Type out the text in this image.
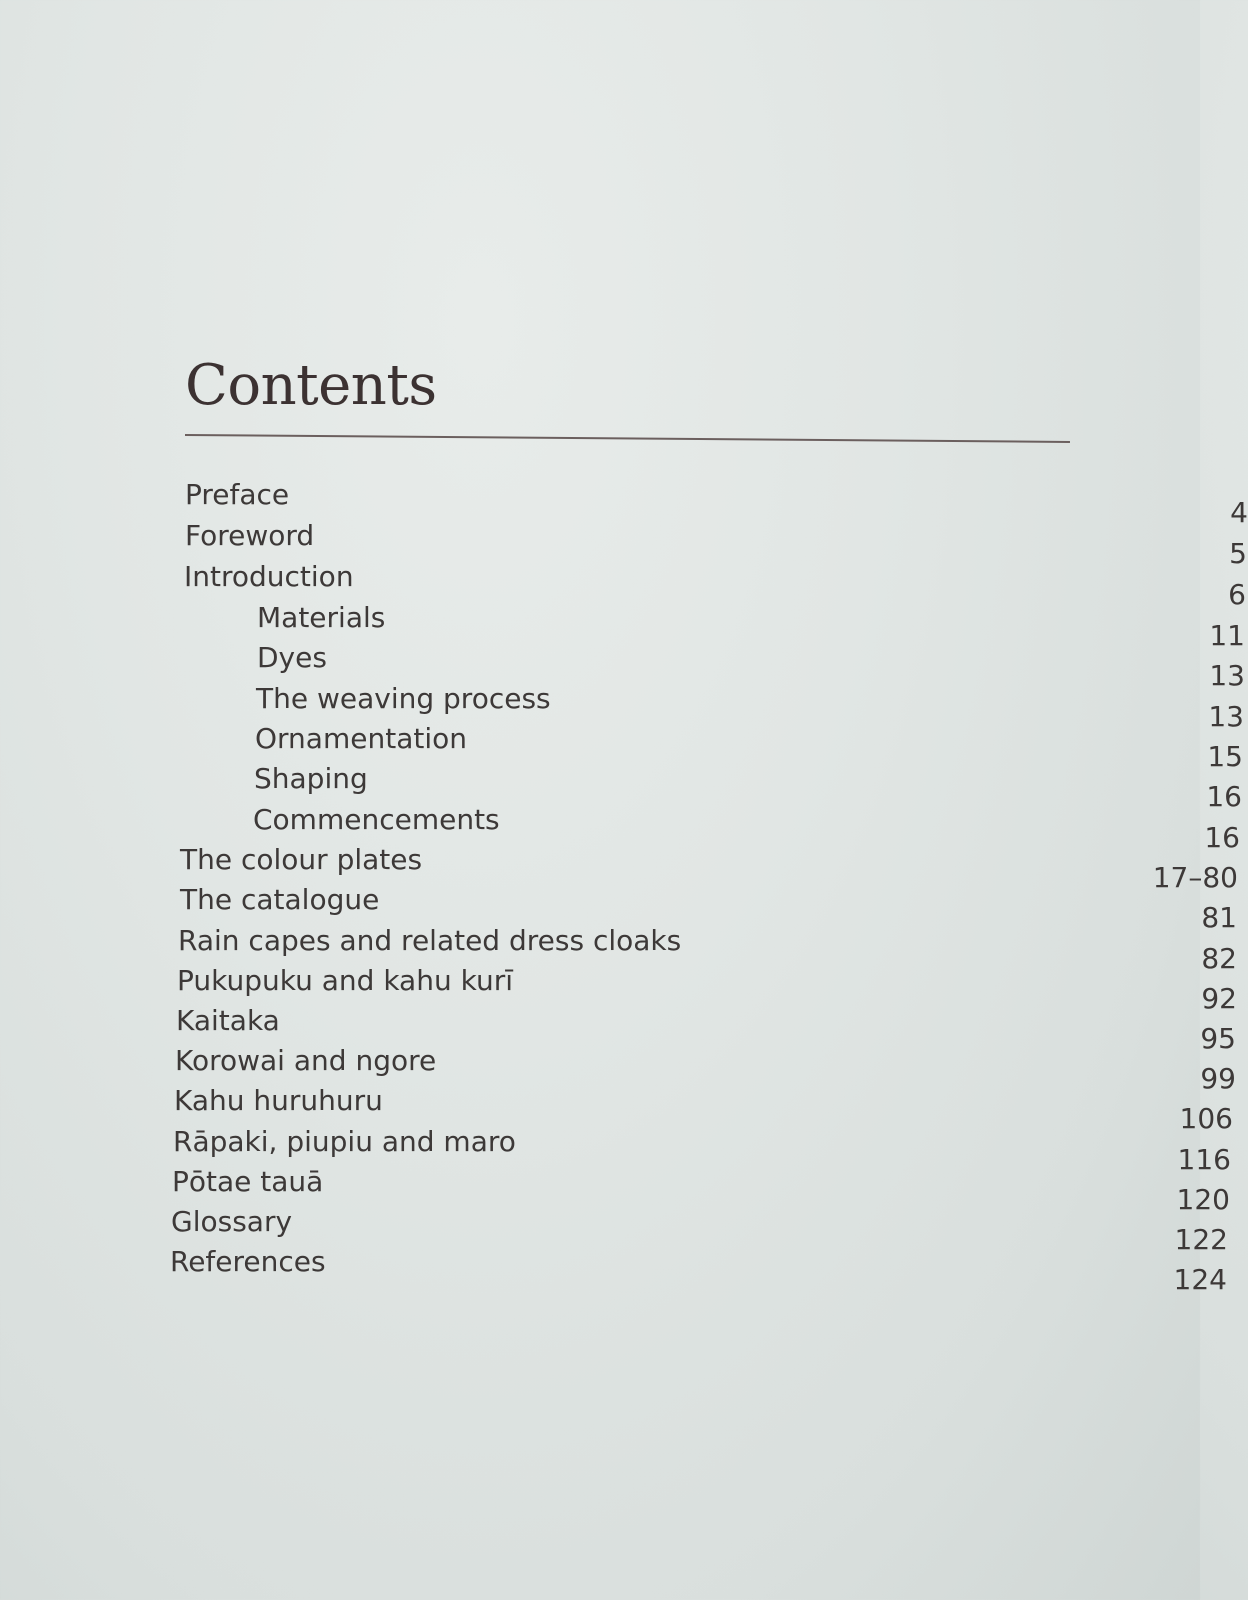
Contents
Preface
4
Foreword
5
Introduction
6
Materials
11
Dyes
13
The weaving process
13
Ornamentation
15
Shaping
16
Commencements
16
The colour plates
17–80
The catalogue
81
Rain capes and related dress cloaks
82
Pukupuku and kahu kurī
92
Kaitaka
95
Korowai and ngore
99
Kahu huruhuru
106
Rāpaki, piupiu and maro
116
Pōtae tauā
120
Glossary
122
References
124
